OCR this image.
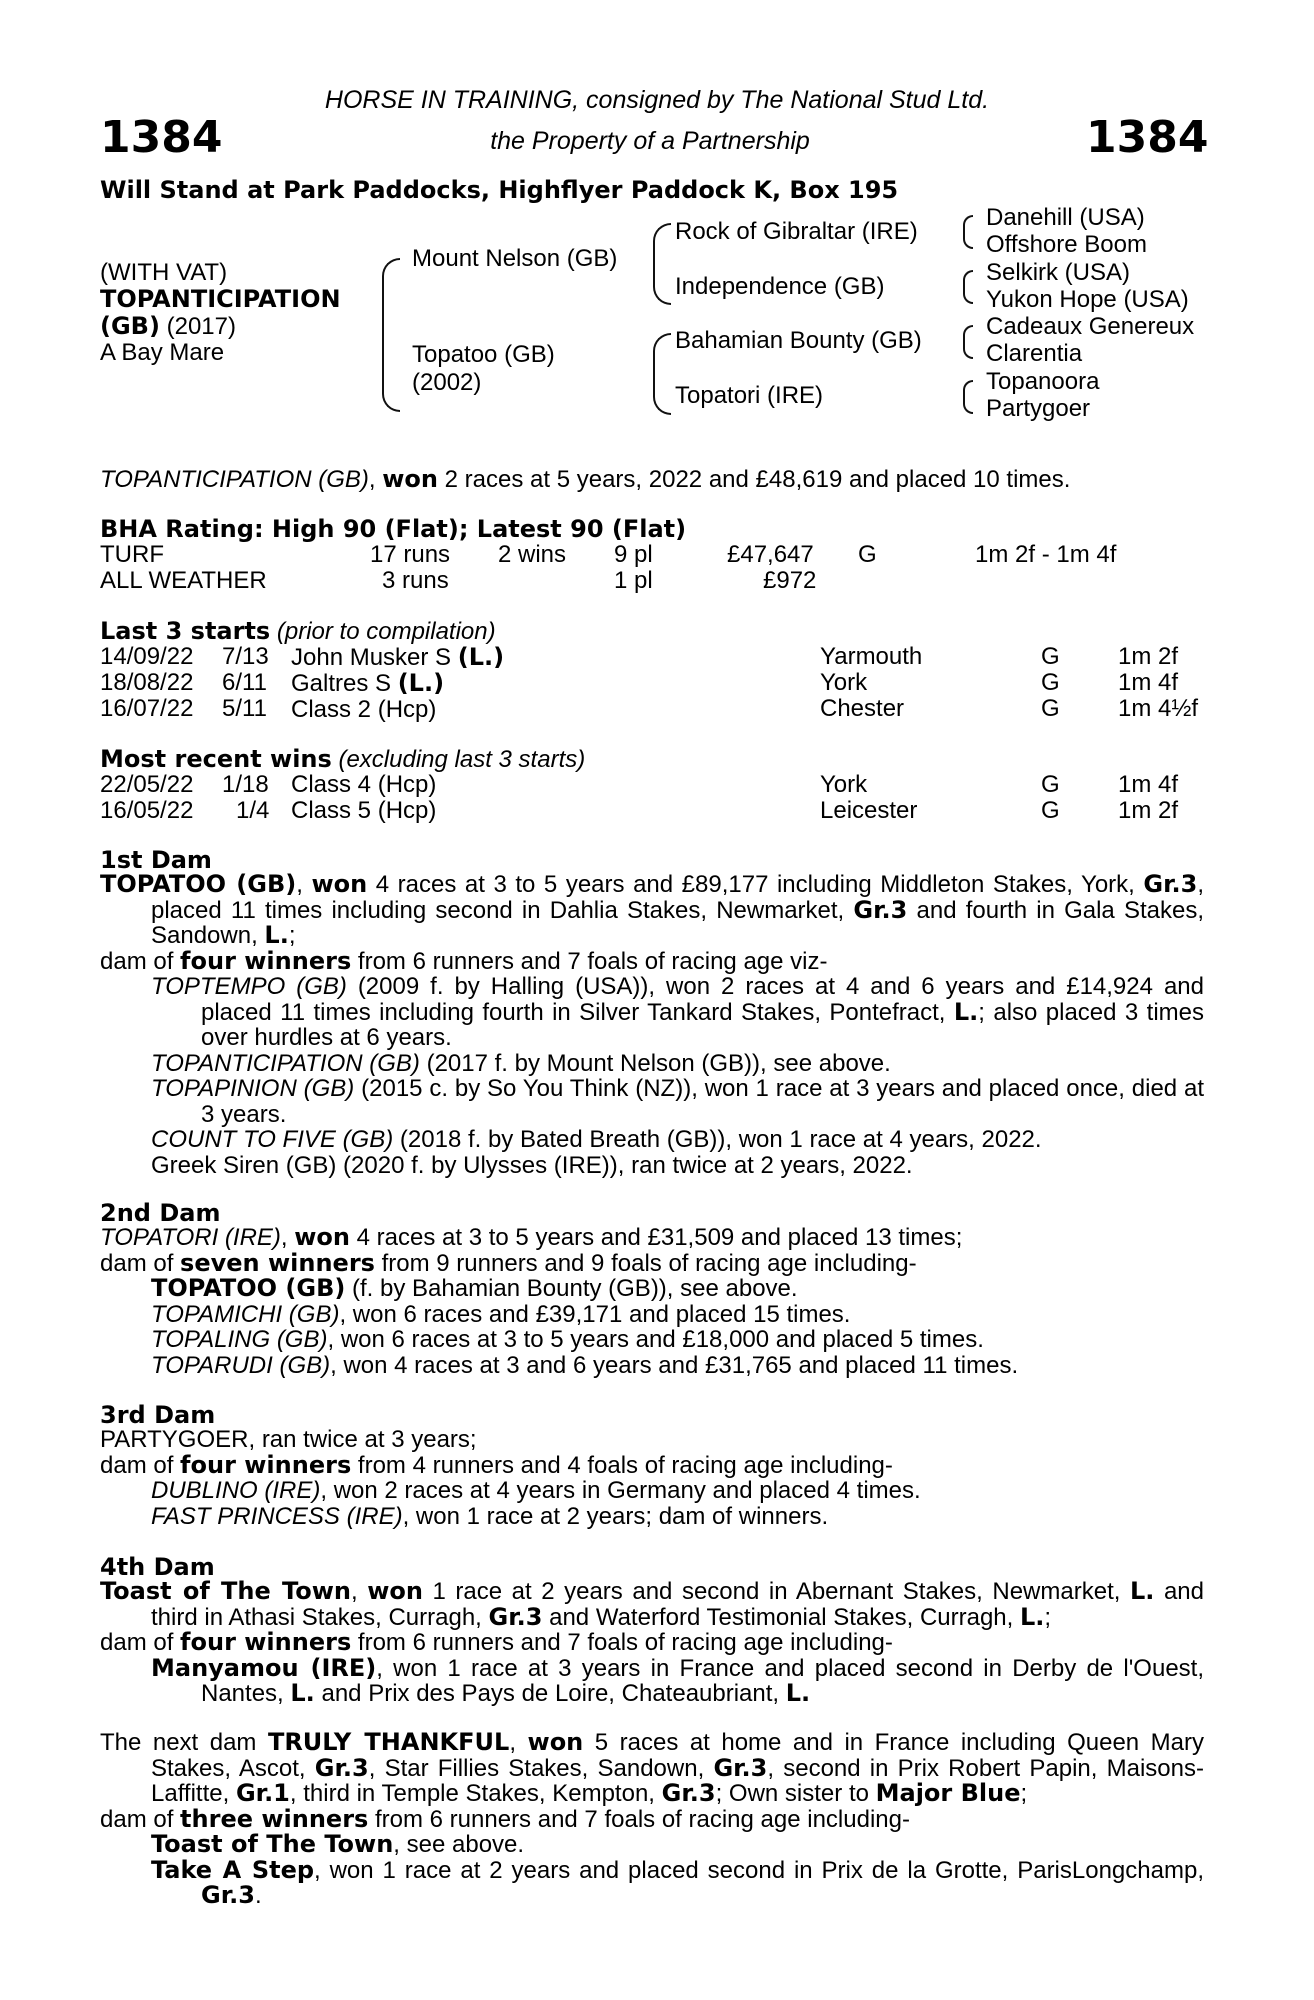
1384	1384
HORSE IN TRAINING, consigned by The National Stud Ltd.
the Property of a Partnership
Will Stand at Park Paddocks, Highflyer Paddock K, Box 195
(WITH VAT)
TOPANTICIPATION
(GB) (2017)
A Bay Mare
Mount Nelson (GB)
Topatoo (GB)
(2002)
Rock of Gibraltar (IRE)
Independence (GB)
Bahamian Bounty (GB)
Topatori (IRE)
Danehill (USA)
Offshore Boom
Selkirk (USA)
Yukon Hope (USA)
Cadeaux Genereux
Clarentia
Topanoora
Partygoer
TOPANTICIPATION (GB), won 2 races at 5 years, 2022 and £48,619 and placed 10 times.
BHA Rating: High 90 (Flat); Latest 90 (Flat)
TURF	17 runs 2 wins 9 pl	£47,647 G	1m 2f - 1m 4f
ALL WEATHER	3 runs	1 pl	£972
Last 3 starts (prior to compilation)
14/09/22 7/13 John Musker S (L.)	Yarmouth	G 1m 2f
18/08/22 6/11 Galtres S (L.)	York	G 1m 4f
16/07/22 5/11 Class 2 (Hcp)	Chester	G 1m 4½f
Most recent wins (excluding last 3 starts)
22/05/22 1/18 Class 4 (Hcp)	York	G 1m 4f
16/05/22 1/4 Class 5 (Hcp)	Leicester	G 1m 2f
1st Dam
TOPATOO (GB), won 4 races at 3 to 5 years and £89,177 including Middleton Stakes, York, Gr.3, placed 11 times including second in Dahlia Stakes, Newmarket, Gr.3 and fourth in Gala Stakes, Sandown, L.;
dam of four winners from 6 runners and 7 foals of racing age viz-
TOPTEMPO (GB) (2009 f. by Halling (USA)), won 2 races at 4 and 6 years and £14,924 and placed 11 times including fourth in Silver Tankard Stakes, Pontefract, L.; also placed 3 times over hurdles at 6 years.
TOPANTICIPATION (GB) (2017 f. by Mount Nelson (GB)), see above.
TOPAPINION (GB) (2015 c. by So You Think (NZ)), won 1 race at 3 years and placed once, died at 3 years.
COUNT TO FIVE (GB) (2018 f. by Bated Breath (GB)), won 1 race at 4 years, 2022.
Greek Siren (GB) (2020 f. by Ulysses (IRE)), ran twice at 2 years, 2022.
2nd Dam
TOPATORI (IRE), won 4 races at 3 to 5 years and £31,509 and placed 13 times;
dam of seven winners from 9 runners and 9 foals of racing age including-
TOPATOO (GB) (f. by Bahamian Bounty (GB)), see above.
TOPAMICHI (GB), won 6 races and £39,171 and placed 15 times.
TOPALING (GB), won 6 races at 3 to 5 years and £18,000 and placed 5 times.
TOPARUDI (GB), won 4 races at 3 and 6 years and £31,765 and placed 11 times.
3rd Dam
PARTYGOER, ran twice at 3 years;
dam of four winners from 4 runners and 4 foals of racing age including-
DUBLINO (IRE), won 2 races at 4 years in Germany and placed 4 times.
FAST PRINCESS (IRE), won 1 race at 2 years; dam of winners.
4th Dam
Toast of The Town, won 1 race at 2 years and second in Abernant Stakes, Newmarket, L. and third in Athasi Stakes, Curragh, Gr.3 and Waterford Testimonial Stakes, Curragh, L.;
dam of four winners from 6 runners and 7 foals of racing age including-
Manyamou (IRE), won 1 race at 3 years in France and placed second in Derby de l'Ouest, Nantes, L. and Prix des Pays de Loire, Chateaubriant, L.
The next dam TRULY THANKFUL, won 5 races at home and in France including Queen Mary Stakes, Ascot, Gr.3, Star Fillies Stakes, Sandown, Gr.3, second in Prix Robert Papin, Maisons-Laffitte, Gr.1, third in Temple Stakes, Kempton, Gr.3; Own sister to Major Blue;
dam of three winners from 6 runners and 7 foals of racing age including-
Toast of The Town, see above.
Take A Step, won 1 race at 2 years and placed second in Prix de la Grotte, ParisLongchamp, Gr.3.
